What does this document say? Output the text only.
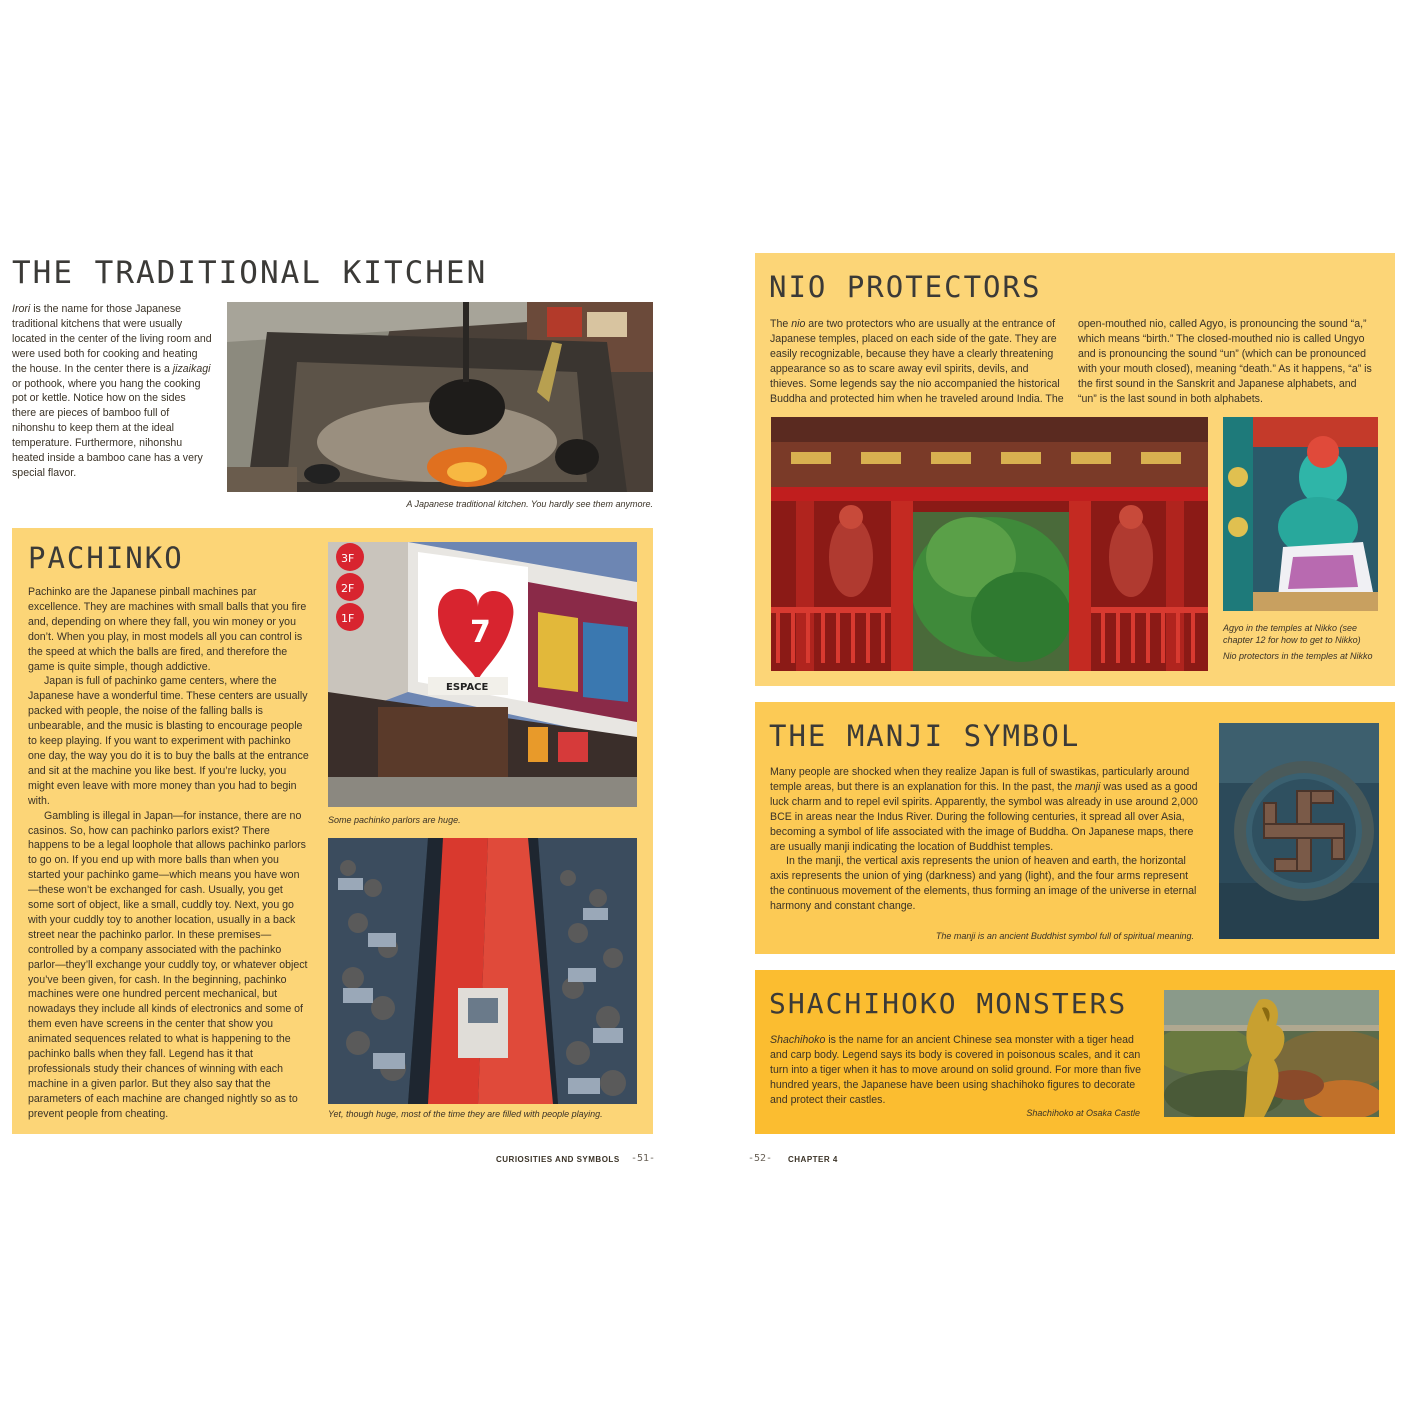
THE TRADITIONAL KITCHEN

Irori is the name for those Japanese traditional kitchens that were usually located in the center of the living room and were used both for cooking and heating the house. In the center there is a jizaikagi or pothook, where you hang the cooking pot or kettle. Notice how on the sides there are pieces of bamboo full of nihonshu to keep them at the ideal temperature. Furthermore, nihonshu heated inside a bamboo cane has a very special flavor.

A Japanese traditional kitchen. You hardly see them anymore.

PACHINKO

Pachinko are the Japanese pinball machines par excellence. They are machines with small balls that you fire and, depending on where they fall, you win money or you don’t. When you play, in most models all you can control is the speed at which the balls are fired, and therefore the game is quite simple, though addictive.

Japan is full of pachinko game centers, where the Japanese have a wonderful time. These centers are usually packed with people, the noise of the falling balls is unbearable, and the music is blasting to encourage people to keep playing. If you want to experiment with pachinko one day, the way you do it is to buy the balls at the entrance and sit at the machine you like best. If you’re lucky, you might even leave with more money than you had to begin with.

Gambling is illegal in Japan—for instance, there are no casinos. So, how can pachinko parlors exist? There happens to be a legal loophole that allows pachinko parlors to go on. If you end up with more balls than when you started your pachinko game—which means you have won—these won’t be exchanged for cash. Usually, you get some sort of object, like a small, cuddly toy. Next, you go with your cuddly toy to another location, usually in a back street near the pachinko parlor. In these premises—controlled by a company associated with the pachinko parlor—they’ll exchange your cuddly toy, or whatever object you’ve been given, for cash. In the beginning, pachinko machines were one hundred percent mechanical, but nowadays they include all kinds of electronics and some of them even have screens in the center that show you animated sequences related to what is happening to the pachinko balls when they fall. Legend has it that professionals study their chances of winning with each machine in a given parlor. But they also say that the parameters of each machine are changed nightly so as to prevent people from cheating.

7
3F
2F
1F
ESPACE

Some pachinko parlors are huge.

Yet, though huge, most of the time they are filled with people playing.

CURIOSITIES AND SYMBOLS -51-
NIO PROTECTORS

The nio are two protectors who are usually at the entrance of Japanese temples, placed on each side of the gate. They are easily recognizable, because they have a clearly threatening appearance so as to scare away evil spirits, devils, and thieves. Some legends say the nio accompanied the historical Buddha and protected him when he traveled around India. The open-mouthed nio, called Agyo, is pronouncing the sound “a,” which means “birth.” The closed-mouthed nio is called Ungyo and is pronouncing the sound “un” (which can be pronounced with your mouth closed), meaning “death.” As it happens, “a” is the first sound in the Sanskrit and Japanese alphabets, and “un” is the last sound in both alphabets.

Agyo in the temples at Nikko (see chapter 12 for how to get to Nikko)

Nio protectors in the temples at Nikko

THE MANJI SYMBOL

Many people are shocked when they realize Japan is full of swastikas, particularly around temple areas, but there is an explanation for this. In the past, the manji was used as a good luck charm and to repel evil spirits. Apparently, the symbol was already in use around 2,000 BCE in areas near the Indus River. During the following centuries, it spread all over Asia, becoming a symbol of life associated with the image of Buddha. On Japanese maps, there are usually manji indicating the location of Buddhist temples.

In the manji, the vertical axis represents the union of heaven and earth, the horizontal axis represents the union of ying (darkness) and yang (light), and the four arms represent the continuous movement of the elements, thus forming an image of the universe in eternal harmony and constant change.

The manji is an ancient Buddhist symbol full of spiritual meaning.

SHACHIHOKO MONSTERS

Shachihoko is the name for an ancient Chinese sea monster with a tiger head and carp body. Legend says its body is covered in poisonous scales, and it can turn into a tiger when it has to move around on solid ground. For more than five hundred years, the Japanese have been using shachihoko figures to decorate and protect their castles.

Shachihoko at Osaka Castle

-52- CHAPTER 4
